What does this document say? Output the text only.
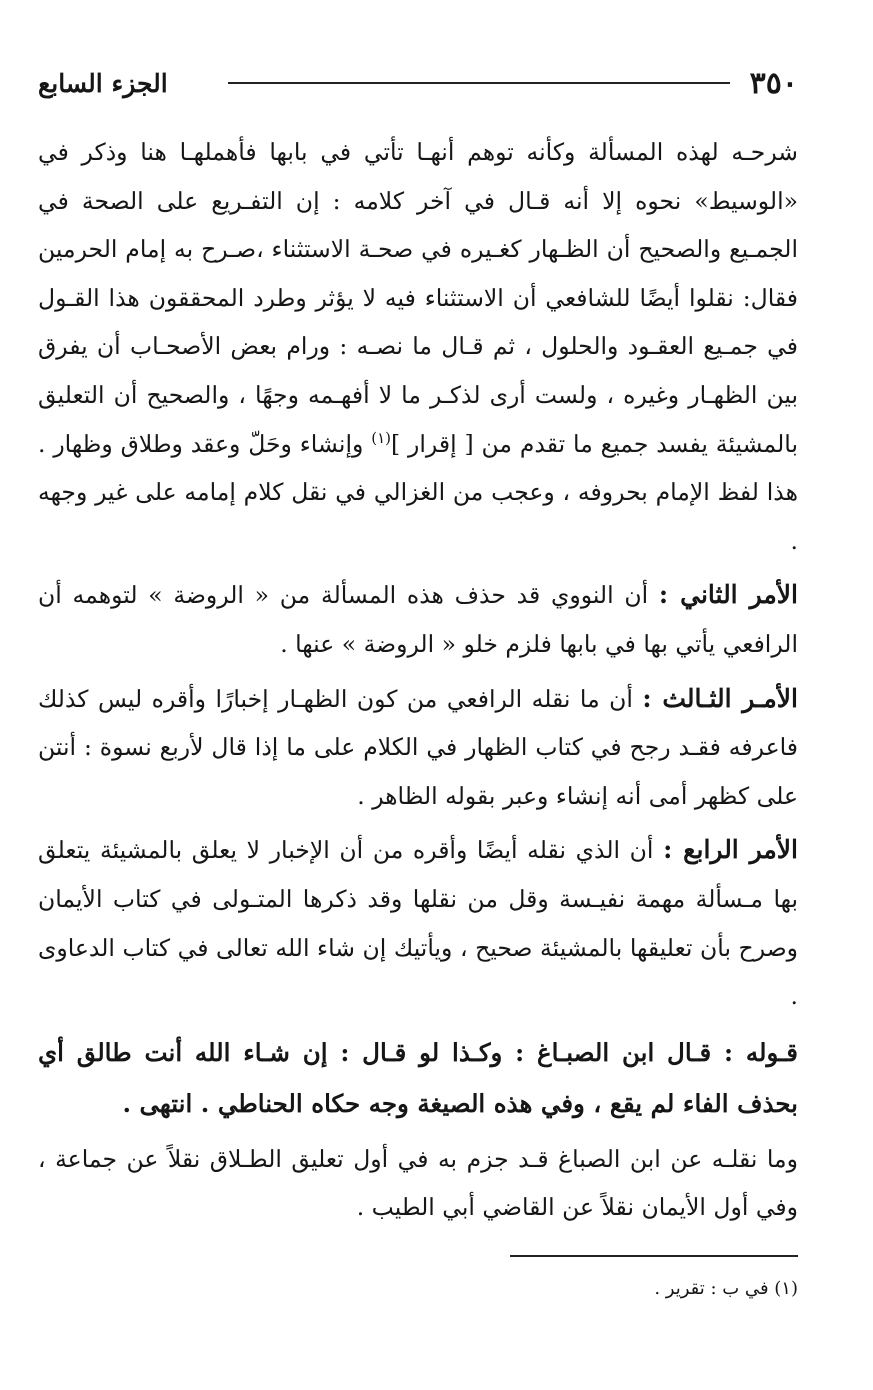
٣٥٠
الجزء السابع

شرحـه لهذه المسألة وكأنه توهم أنهـا تأتي في بابها فأهملهـا هنا وذكر في «الوسيط» نحوه إلا أنه قـال في آخر كلامه : إن التفـريع على الصحة في الجمـيع والصحيح أن الظـهار كغـيره في صحـة الاستثناء ،صـرح به إمام الحرمين فقال: نقلوا أيضًا للشافعي أن الاستثناء فيه لا يؤثر وطرد المحققون هذا القـول في جمـيع العقـود والحلول ، ثم قـال ما نصـه : ورام بعض الأصحـاب أن يفرق بين الظهـار وغيره ، ولست أرى لذكـر ما لا أفهـمه وجهًا ، والصحيح أن التعليق بالمشيئة يفسد جميع ما تقدم من [ إقرار ]$^{(١)}$ وإنشاء وحَلّ وعقد وطلاق وظهار . هذا لفظ الإمام بحروفه ، وعجب من الغزالي في نقل كلام إمامه على غير وجهه .

الأمر الثاني : أن النووي قد حذف هذه المسألة من « الروضة » لتوهمه أن الرافعي يأتي بها في بابها فلزم خلو « الروضة » عنها .

الأمـر الثـالث : أن ما نقله الرافعي من كون الظهـار إخبارًا وأقره ليس كذلك فاعرفه فقـد رجح في كتاب الظهار في الكلام على ما إذا قال لأربع نسوة : أنتن على كظهر أمى أنه إنشاء وعبر بقوله الظاهر .

الأمر الرابع : أن الذي نقله أيضًا وأقره من أن الإخبار لا يعلق بالمشيئة يتعلق بها مـسألة مهمة نفيـسة وقل من نقلها وقد ذكرها المتـولى في كتاب الأيمان وصرح بأن تعليقها بالمشيئة صحيح ، ويأتيك إن شاء الله تعالى في كتاب الدعاوى .

قـوله : قـال ابن الصبـاغ : وكـذا لو قـال : إن شـاء الله أنت طالق أي بحذف الفاء لم يقع ، وفي هذه الصيغة وجه حكاه الحناطي . انتهى .

وما نقلـه عن ابن الصباغ قـد جزم به في أول تعليق الطـلاق نقلاً عن جماعة ، وفي أول الأيمان نقلاً عن القاضي أبي الطيب .

(١) في ب : تقرير .
